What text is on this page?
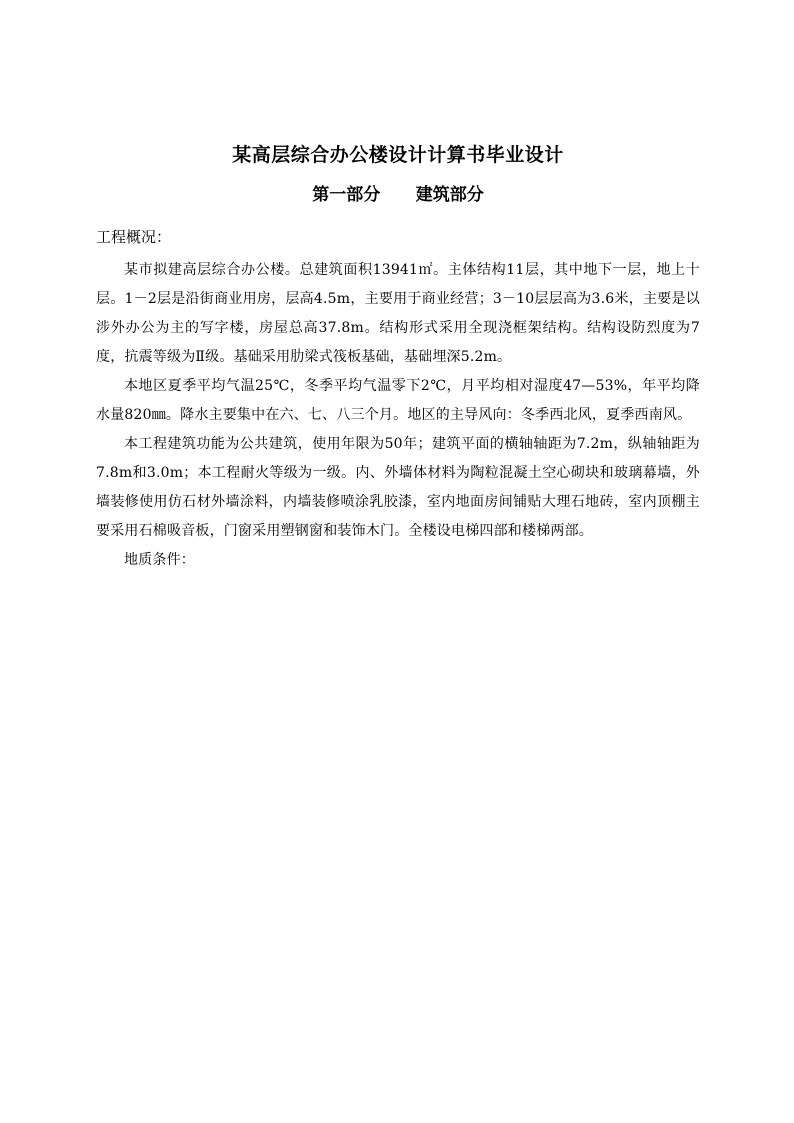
某高层综合办公楼设计计算书毕业设计
第一部分      建筑部分

工程概况：

某市拟建高层综合办公楼。总建筑面积13941㎡。主体结构11层，其中地下一层，地上十层。1－2层是沿街商业用房，层高4.5m，主要用于商业经营；3－10层层高为3.6米，主要是以涉外办公为主的写字楼，房屋总高37.8m。结构形式采用全现浇框架结构。结构设防烈度为7度，抗震等级为Ⅱ级。基础采用肋梁式筏板基础，基础埋深5.2m。

本地区夏季平均气温25℃，冬季平均气温零下2℃，月平均相对湿度47—53%，年平均降水量820㎜。降水主要集中在六、七、八三个月。地区的主导风向：冬季西北风，夏季西南风。

本工程建筑功能为公共建筑，使用年限为50年；建筑平面的横轴轴距为7.2m，纵轴轴距为7.8m和3.0m；本工程耐火等级为一级。内、外墙体材料为陶粒混凝土空心砌块和玻璃幕墙，外墙装修使用仿石材外墙涂料，内墙装修喷涂乳胶漆，室内地面房间铺贴大理石地砖，室内顶棚主要采用石棉吸音板，门窗采用塑钢窗和装饰木门。全楼设电梯四部和楼梯两部。

地质条件：
